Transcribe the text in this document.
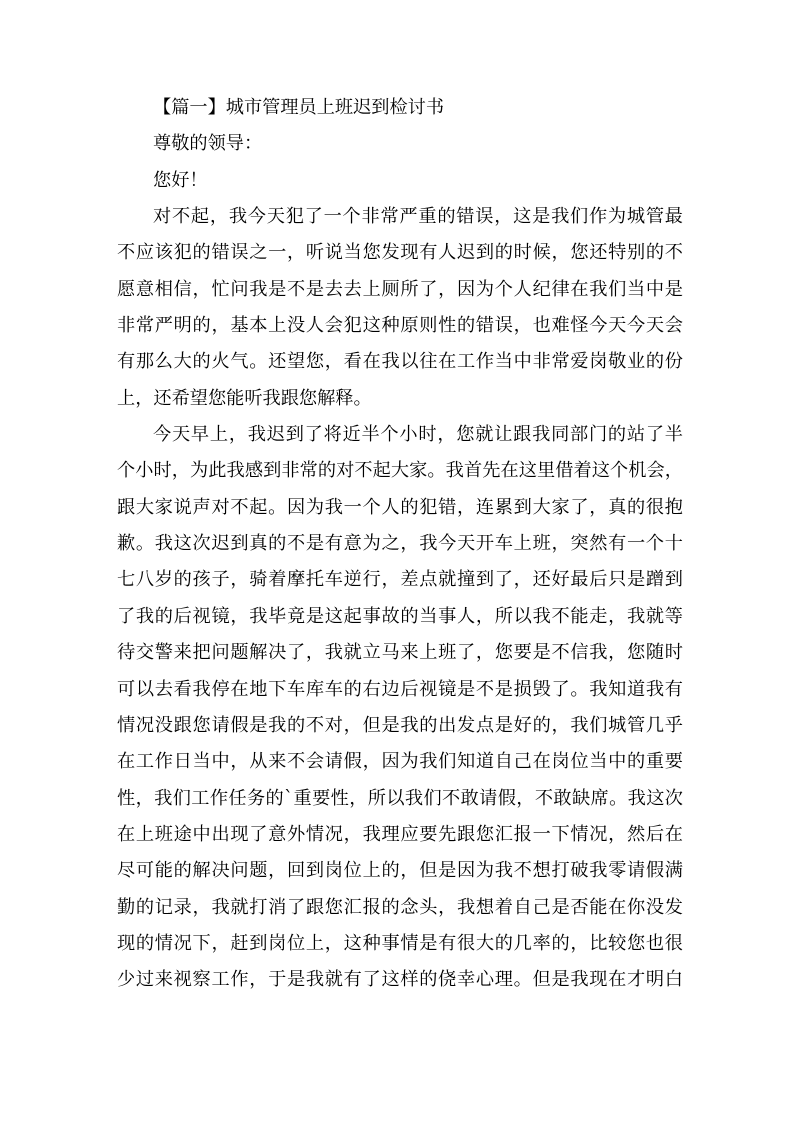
【篇一】城市管理员上班迟到检讨书
尊敬的领导：
您好！
对不起，我今天犯了一个非常严重的错误，这是我们作为城管最
不应该犯的错误之一，听说当您发现有人迟到的时候，您还特别的不
愿意相信，忙问我是不是去去上厕所了，因为个人纪律在我们当中是
非常严明的，基本上没人会犯这种原则性的错误，也难怪今天今天会
有那么大的火气。还望您，看在我以往在工作当中非常爱岗敬业的份
上，还希望您能听我跟您解释。
今天早上，我迟到了将近半个小时，您就让跟我同部门的站了半
个小时，为此我感到非常的对不起大家。我首先在这里借着这个机会，
跟大家说声对不起。因为我一个人的犯错，连累到大家了，真的很抱
歉。我这次迟到真的不是有意为之，我今天开车上班，突然有一个十
七八岁的孩子，骑着摩托车逆行，差点就撞到了，还好最后只是蹭到
了我的后视镜，我毕竟是这起事故的当事人，所以我不能走，我就等
待交警来把问题解决了，我就立马来上班了，您要是不信我，您随时
可以去看我停在地下车库车的右边后视镜是不是损毁了。我知道我有
情况没跟您请假是我的不对，但是我的出发点是好的，我们城管几乎
在工作日当中，从来不会请假，因为我们知道自己在岗位当中的重要
性，我们工作任务的`重要性，所以我们不敢请假，不敢缺席。我这次
在上班途中出现了意外情况，我理应要先跟您汇报一下情况，然后在
尽可能的解决问题，回到岗位上的，但是因为我不想打破我零请假满
勤的记录，我就打消了跟您汇报的念头，我想着自己是否能在你没发
现的情况下，赶到岗位上，这种事情是有很大的几率的，比较您也很
少过来视察工作，于是我就有了这样的侥幸心理。但是我现在才明白
